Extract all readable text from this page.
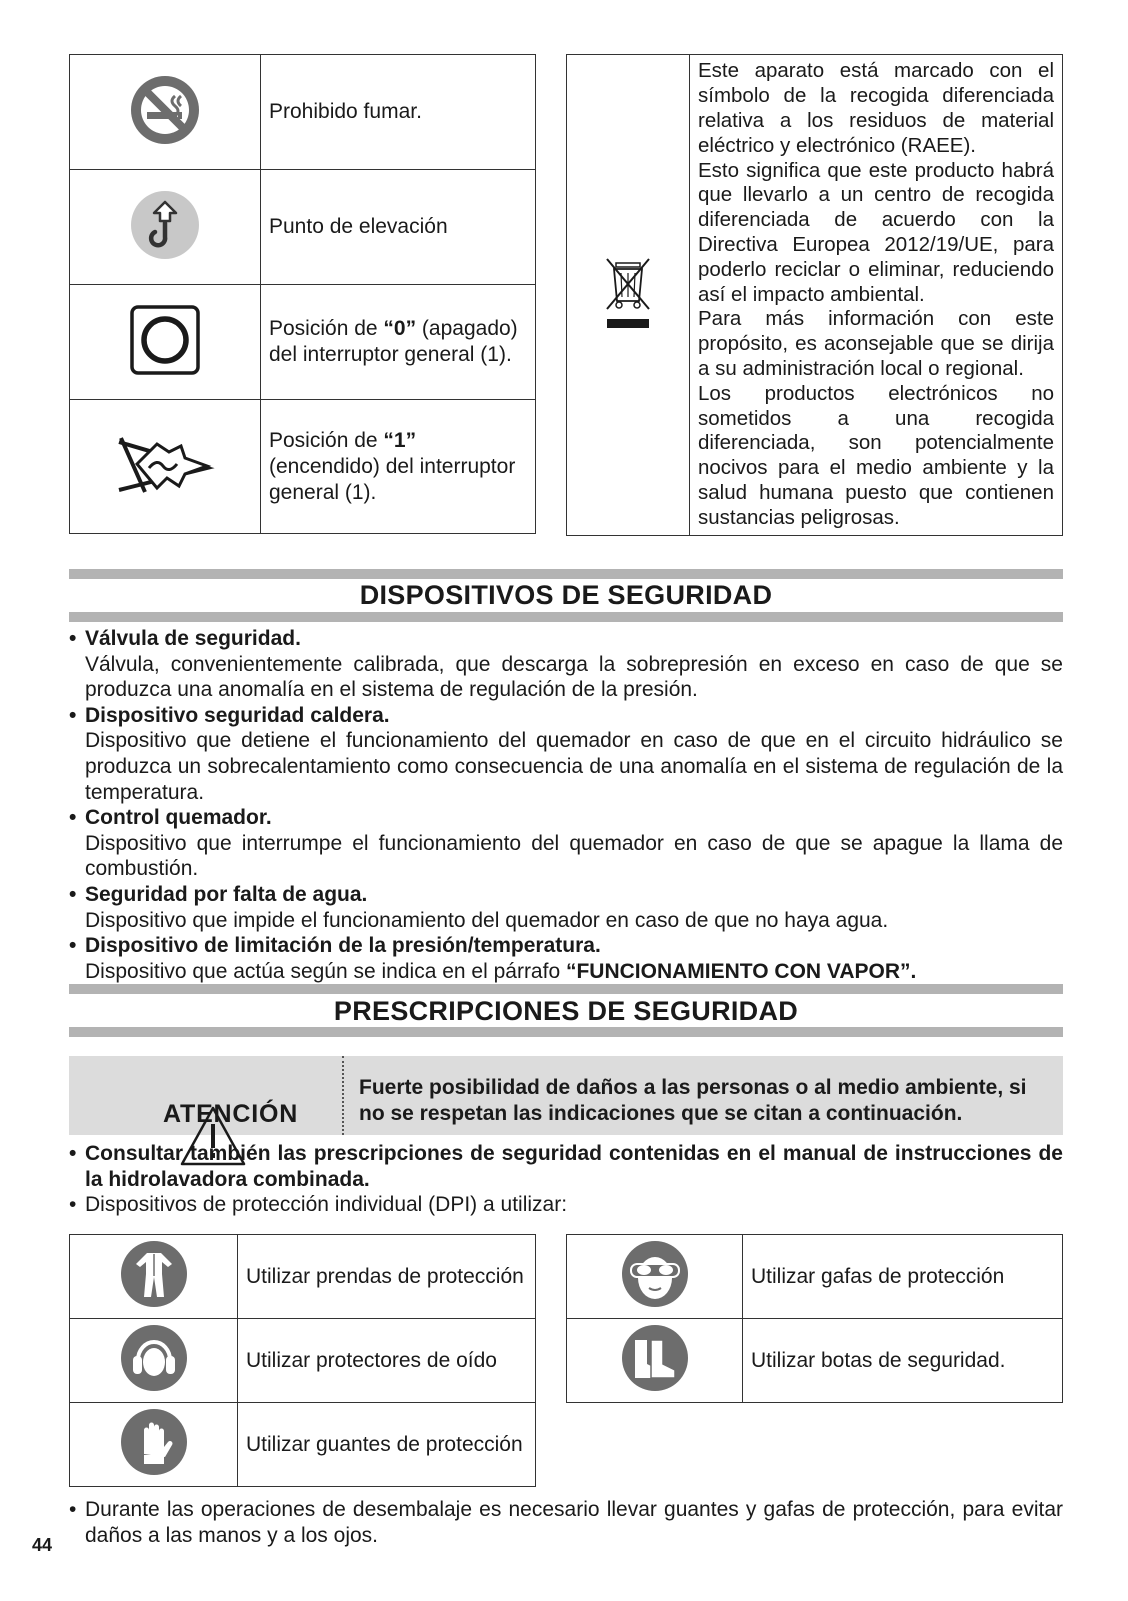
	Prohibido fumar.
	Punto de elevación
	Posición de “0” (apagado) del interruptor general (1).
	Posición de “1” (encendido) del interruptor general (1).

Este aparato está marcado con el símbolo de la recogida diferenciada relativa a los residuos de material eléctrico y electrónico (RAEE).

Esto significa que este producto habrá que llevarlo a un centro de recogida diferenciada de acuerdo con la Directiva Europea 2012/19/UE, para poderlo reciclar o eliminar, reduciendo así el impacto ambiental.

Para más información con este propósito, es aconsejable que se dirija a su administración local o regional.

Los productos electrónicos no sometidos a una recogida diferenciada, son potencialmente nocivos para el medio ambiente y la salud humana puesto que contienen sustancias peligrosas.

DISPOSITIVOS DE SEGURIDAD
• Válvula de seguridad.
Válvula, convenientemente calibrada, que descarga la sobrepresión en exceso en caso de que se produzca una anomalía en el sistema de regulación de la presión.
• Dispositivo seguridad caldera.
Dispositivo que detiene el funcionamiento del quemador en caso de que en el circuito hidráulico se produzca un sobrecalentamiento como consecuencia de una anomalía en el sistema de regulación de la temperatura.
• Control quemador.
Dispositivo que interrumpe el funcionamiento del quemador en caso de que se apague la llama de combustión.
• Seguridad por falta de agua.
Dispositivo que impide el funcionamiento del quemador en caso de que no haya agua.
• Dispositivo de limitación de la presión/temperatura.
Dispositivo que actúa según se indica en el párrafo “FUNCIONAMIENTO CON VAPOR”.
PRESCRIPCIONES DE SEGURIDAD
ATENCIÓN
Fuerte posibilidad de daños a las personas o al medio ambiente, si no se respetan las indicaciones que se citan a continuación.
• Consultar también las prescripciones de seguridad contenidas en el manual de instrucciones de la hidrolavadora combinada.
• Dispositivos de protección individual (DPI) a utilizar:
	Utilizar prendas de protección
	Utilizar protectores de oído
	Utilizar guantes de protección
	Utilizar gafas de protección
	Utilizar botas de seguridad.
• Durante las operaciones de desembalaje es necesario llevar guantes y gafas de protección, para evitar daños a las manos y a los ojos.
44
